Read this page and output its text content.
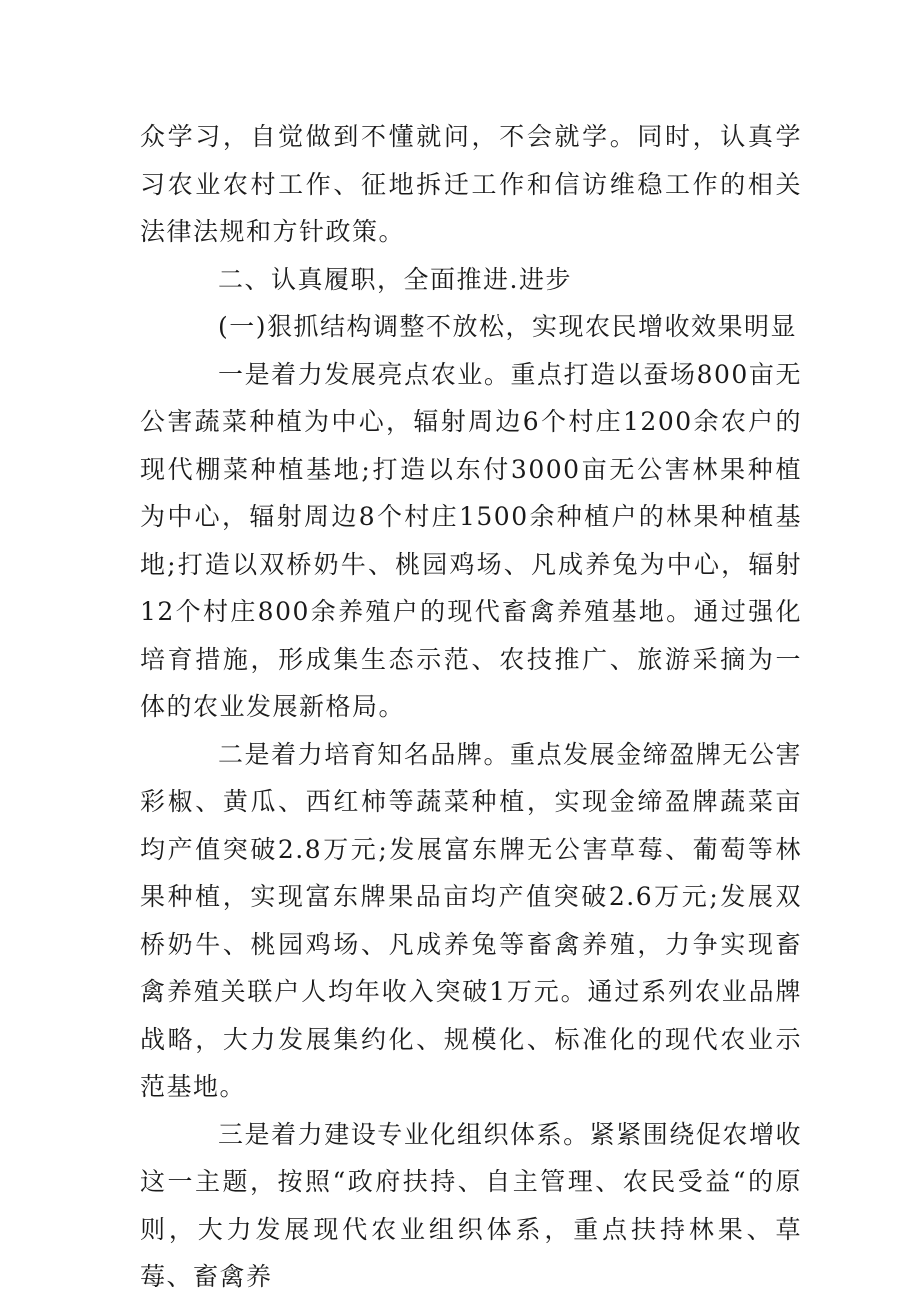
众学习，自觉做到不懂就问，不会就学。同时，认真学习农业农村工作、征地拆迁工作和信访维稳工作的相关法律法规和方针政策。

二、认真履职，全面推进.进步

(一)狠抓结构调整不放松，实现农民增收效果明显

一是着力发展亮点农业。重点打造以蚕场800亩无公害蔬菜种植为中心，辐射周边6个村庄1200余农户的现代棚菜种植基地;打造以东付3000亩无公害林果种植为中心，辐射周边8个村庄1500余种植户的林果种植基地;打造以双桥奶牛、桃园鸡场、凡成养兔为中心，辐射12个村庄800余养殖户的现代畜禽养殖基地。通过强化培育措施，形成集生态示范、农技推广、旅游采摘为一体的农业发展新格局。

二是着力培育知名品牌。重点发展金缔盈牌无公害彩椒、黄瓜、西红柿等蔬菜种植，实现金缔盈牌蔬菜亩均产值突破2.8万元;发展富东牌无公害草莓、葡萄等林果种植，实现富东牌果品亩均产值突破2.6万元;发展双桥奶牛、桃园鸡场、凡成养兔等畜禽养殖，力争实现畜禽养殖关联户人均年收入突破1万元。通过系列农业品牌战略，大力发展集约化、规模化、标准化的现代农业示范基地。

三是着力建设专业化组织体系。紧紧围绕促农增收这一主题，按照“政府扶持、自主管理、农民受益“的原则，大力发展现代农业组织体系，重点扶持林果、草莓、畜禽养
